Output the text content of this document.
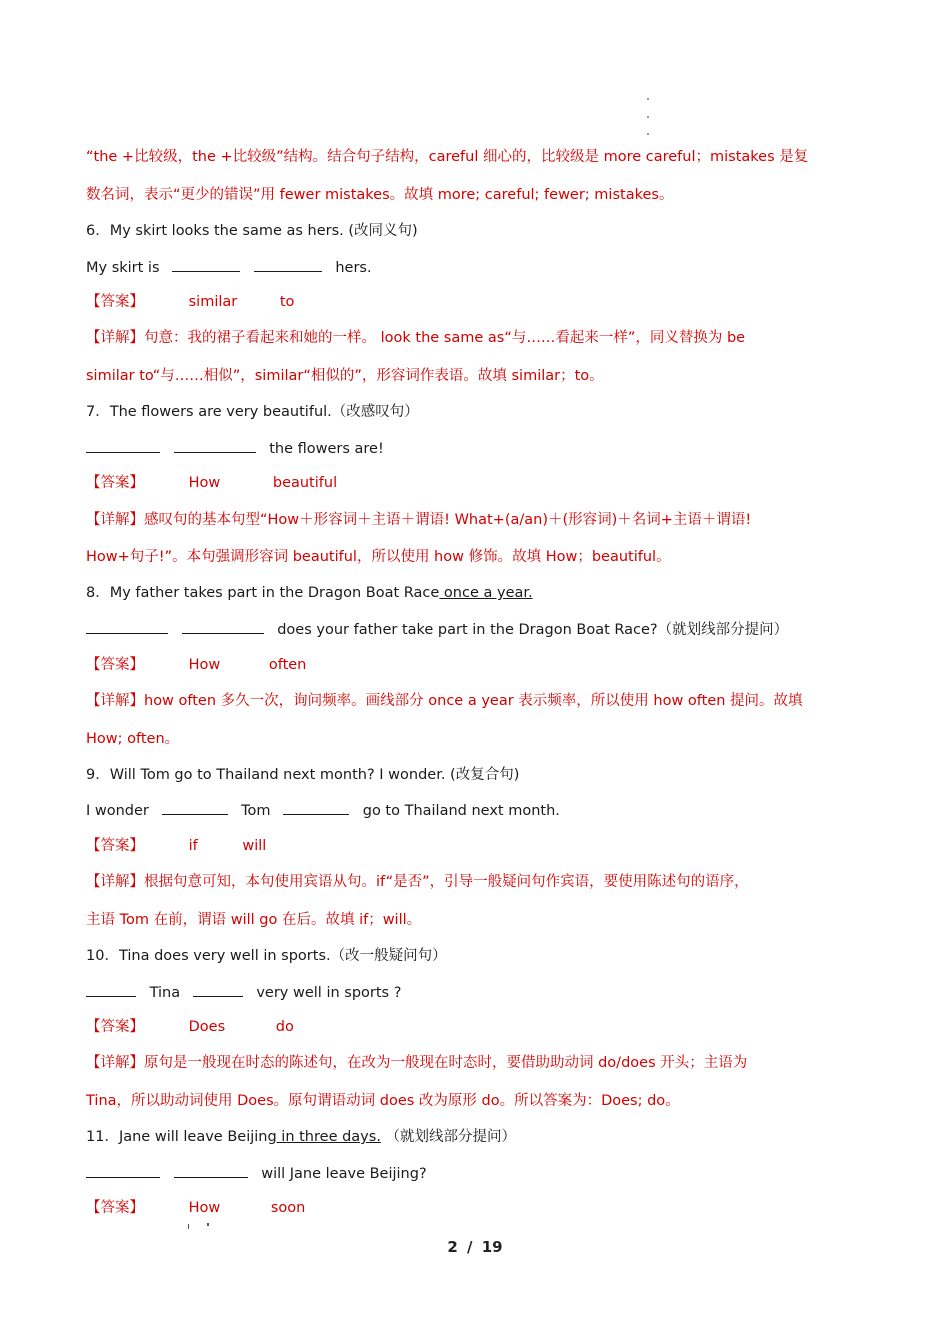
“the +比较级，the +比较级”结构。结合句子结构，careful 细心的，比较级是 more careful；mistakes 是复
数名词，表示“更少的错误”用 fewer mistakes。故填 more; careful; fewer; mistakes。
6．My skirt looks the same as hers. (改同义句)
My skirt is	hers.
【答案】	similar	to
【详解】句意：我的裙子看起来和她的一样。 look the same as“与……看起来一样”，同义替换为 be
similar to“与……相似”，similar“相似的”，形容词作表语。故填 similar；to。
7．The flowers are very beautiful.（改感叹句）
the flowers are!
【答案】	How	beautiful
【详解】感叹句的基本句型“How＋形容词＋主语＋谓语! What+(a/an)＋(形容词)＋名词+主语＋谓语!
How+句子!”。本句强调形容词 beautiful，所以使用 how 修饰。故填 How；beautiful。
8．My father takes part in the Dragon Boat Race once a year.
does your father take part in the Dragon Boat Race?（就划线部分提问）
【答案】	How	often
【详解】how often 多久一次，询问频率。画线部分 once a year 表示频率，所以使用 how often 提问。故填
How; often。
9．Will Tom go to Thailand next month? I wonder. (改复合句)
I wonder	Tom	go to Thailand next month.
【答案】	if	will
【详解】根据句意可知，本句使用宾语从句。if“是否”，引导一般疑问句作宾语，要使用陈述句的语序，
主语 Tom 在前，谓语 will go 在后。故填 if；will。
10．Tina does very well in sports.（改一般疑问句）
Tina	very well in sports ?
【答案】	Does	do
【详解】原句是一般现在时态的陈述句，在改为一般现在时态时，要借助助动词 do/does 开头；主语为
Tina，所以助动词使用 Does。原句谓语动词 does 改为原形 do。所以答案为：Does; do。
11．Jane will leave Beijing in three days. （就划线部分提问）
will Jane leave Beijing?
【答案】	How	soon
2 / 19
